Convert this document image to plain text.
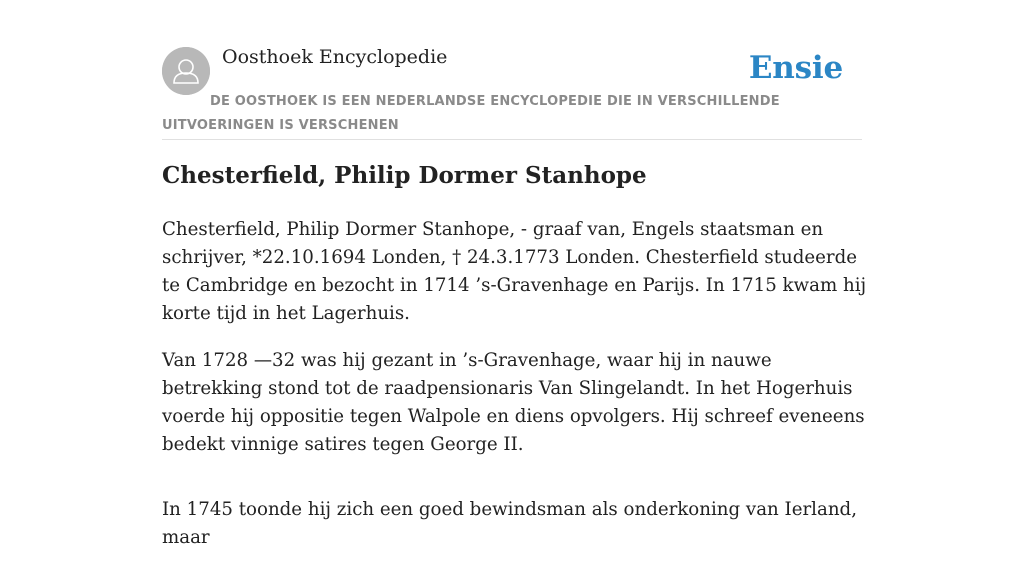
Oosthoek Encyclopedie	Ensie
DE OOSTHOEK IS EEN NEDERLANDSE ENCYCLOPEDIE DIE IN VERSCHILLENDE UITVOERINGEN IS VERSCHENEN
Chesterfield, Philip Dormer Stanhope

Chesterfield, Philip Dormer Stanhope, - graaf van, Engels staatsman en schrijver, *22.10.1694 Londen, † 24.3.1773 Londen. Chesterfield studeerde te Cambridge en bezocht in 1714 ’s-Gravenhage en Parijs. In 1715 kwam hij korte tijd in het Lagerhuis.

Van 1728 —32 was hij gezant in ’s-Gravenhage, waar hij in nauwe betrekking stond tot de raadpensionaris Van Slingelandt. In het Hogerhuis voerde hij oppositie tegen Walpole en diens opvolgers. Hij schreef eveneens bedekt vinnige satires tegen George II.

In 1745 toonde hij zich een goed bewindsman als onderkoning van Ierland, maar
